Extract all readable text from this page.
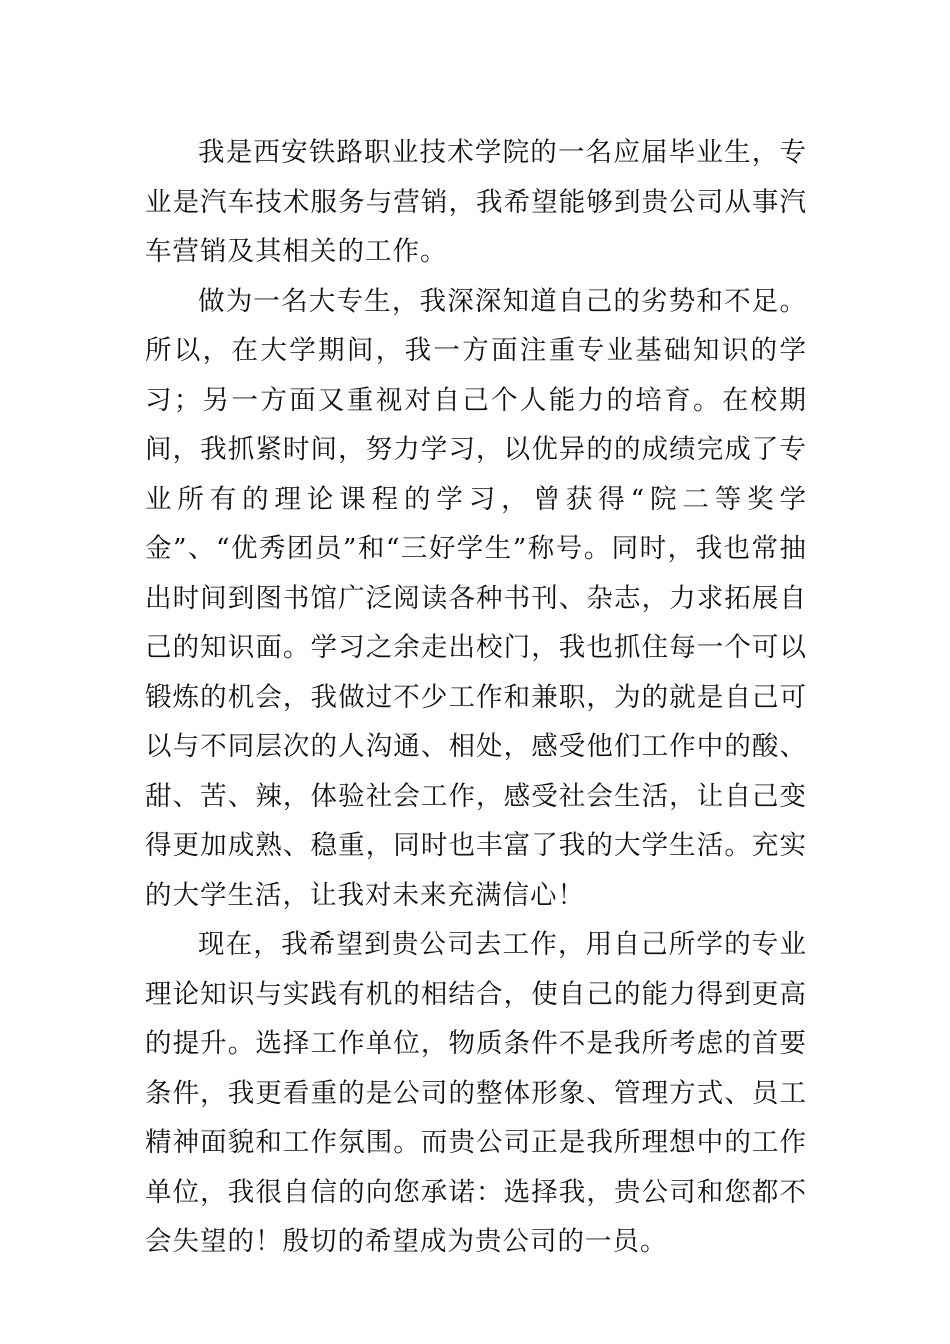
我是西安铁路职业技术学院的一名应届毕业生，专业是汽车技术服务与营销，我希望能够到贵公司从事汽车营销及其相关的工作。

做为一名大专生，我深深知道自己的劣势和不足。所以，在大学期间，我一方面注重专业基础知识的学习；另一方面又重视对自己个人能力的培育。在校期间，我抓紧时间，努力学习，以优异的的成绩完成了专业所有的理论课程的学习，曾获得“院二等奖学金”、“优秀团员”和“三好学生”称号。同时，我也常抽出时间到图书馆广泛阅读各种书刊、杂志，力求拓展自己的知识面。学习之余走出校门，我也抓住每一个可以锻炼的机会，我做过不少工作和兼职，为的就是自己可以与不同层次的人沟通、相处，感受他们工作中的酸、甜、苦、辣，体验社会工作，感受社会生活，让自己变得更加成熟、稳重，同时也丰富了我的大学生活。充实的大学生活，让我对未来充满信心！

现在，我希望到贵公司去工作，用自己所学的专业理论知识与实践有机的相结合，使自己的能力得到更高的提升。选择工作单位，物质条件不是我所考虑的首要条件，我更看重的是公司的整体形象、管理方式、员工精神面貌和工作氛围。而贵公司正是我所理想中的工作单位，我很自信的向您承诺：选择我，贵公司和您都不会失望的！殷切的希望成为贵公司的一员。
